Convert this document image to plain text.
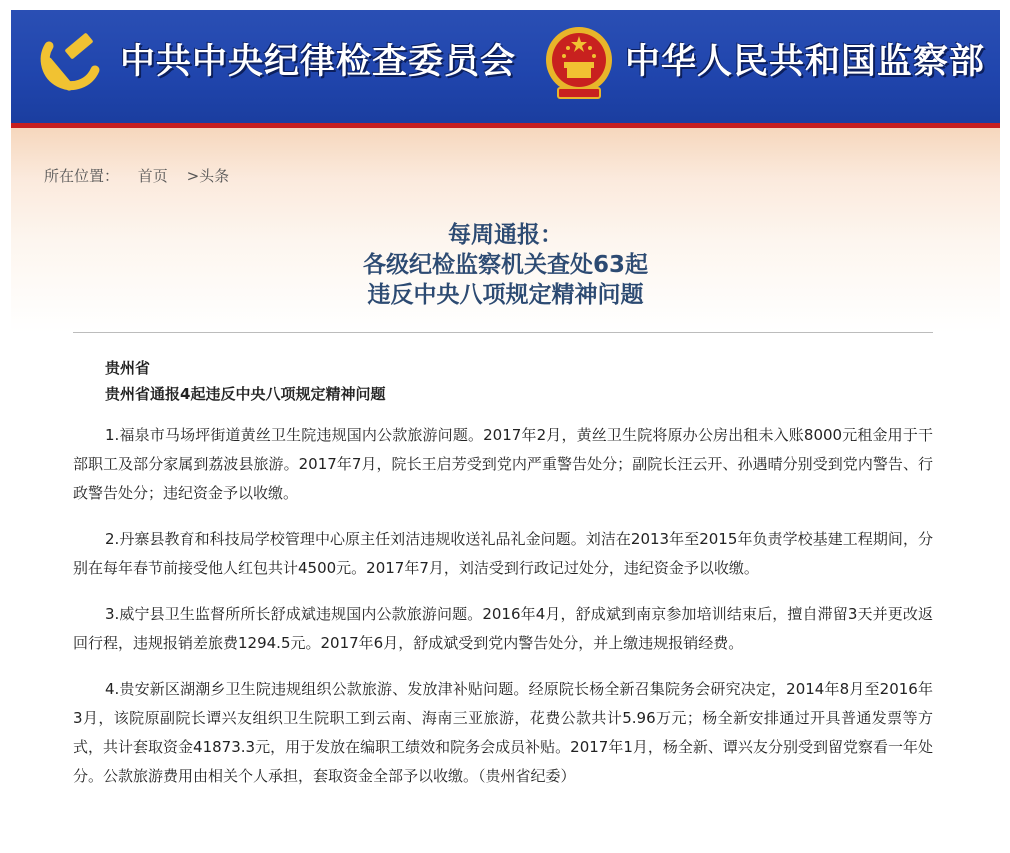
中共中央纪律检查委员会	中华人民共和国监察部
所在位置： 首页 >头条
每周通报：
各级纪检监察机关查处63起
违反中央八项规定精神问题
贵州省
贵州省通报4起违反中央八项规定精神问题

1.福泉市马场坪街道黄丝卫生院违规国内公款旅游问题。2017年2月，黄丝卫生院将原办公房出租未入账8000元租金用于干部职工及部分家属到荔波县旅游。2017年7月，院长王启芳受到党内严重警告处分；副院长汪云开、孙遇晴分别受到党内警告、行政警告处分；违纪资金予以收缴。

2.丹寨县教育和科技局学校管理中心原主任刘洁违规收送礼品礼金问题。刘洁在2013年至2015年负责学校基建工程期间，分别在每年春节前接受他人红包共计4500元。2017年7月，刘洁受到行政记过处分，违纪资金予以收缴。

3.威宁县卫生监督所所长舒成斌违规国内公款旅游问题。2016年4月，舒成斌到南京参加培训结束后，擅自滞留3天并更改返回行程，违规报销差旅费1294.5元。2017年6月，舒成斌受到党内警告处分，并上缴违规报销经费。

4.贵安新区湖潮乡卫生院违规组织公款旅游、发放津补贴问题。经原院长杨全新召集院务会研究决定，2014年8月至2016年3月，该院原副院长谭兴友组织卫生院职工到云南、海南三亚旅游，花费公款共计5.96万元；杨全新安排通过开具普通发票等方式，共计套取资金41873.3元，用于发放在编职工绩效和院务会成员补贴。2017年1月，杨全新、谭兴友分别受到留党察看一年处分。公款旅游费用由相关个人承担，套取资金全部予以收缴。（贵州省纪委）
